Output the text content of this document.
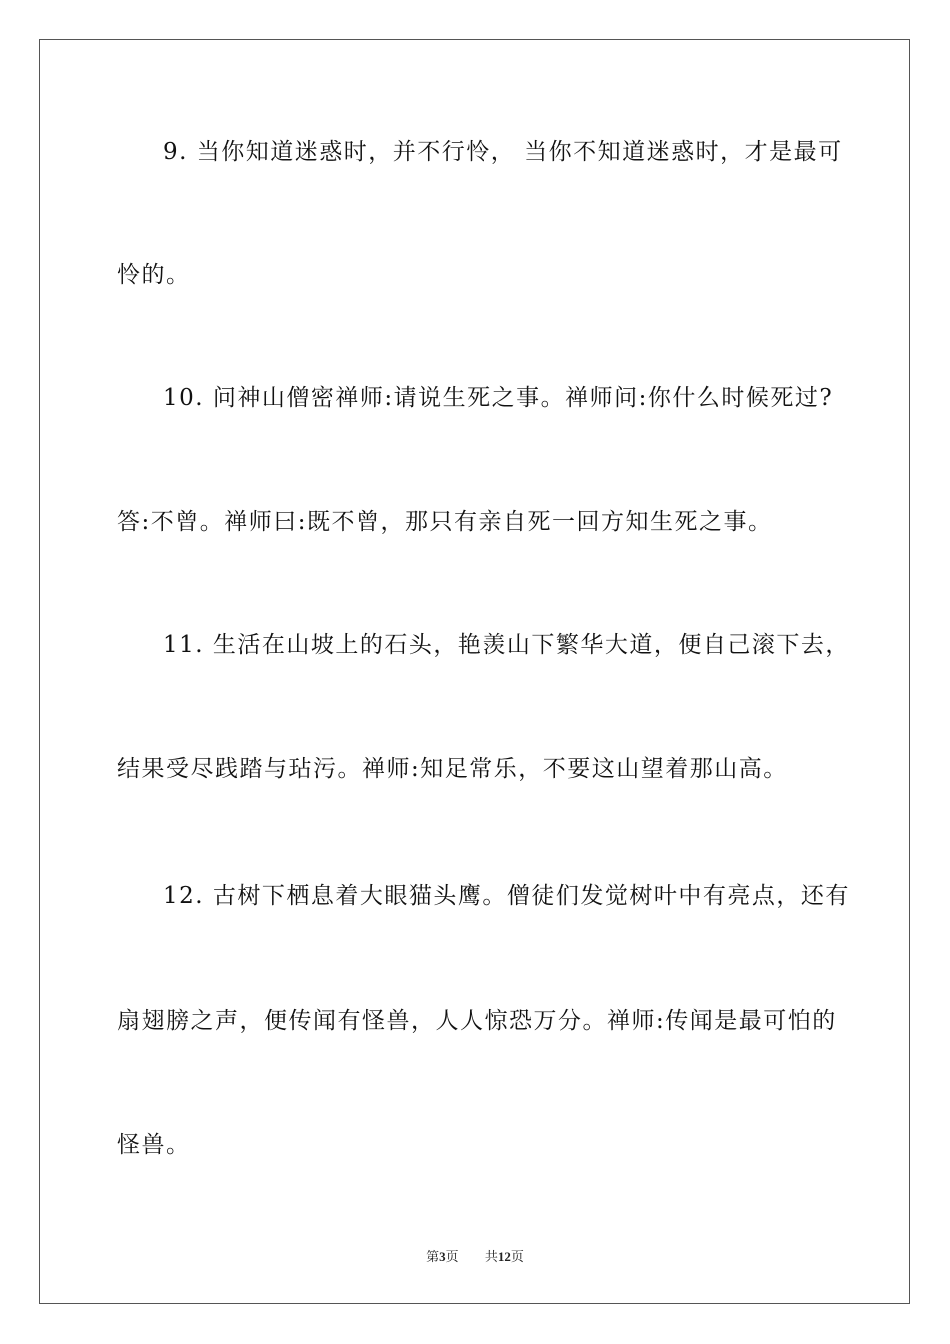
9. 当你知道迷惑时，并不行怜， 当你不知道迷惑时，才是最可
怜的。
10. 问神山僧密禅师:请说生死之事。禅师问:你什么时候死过?
答:不曾。禅师曰:既不曾，那只有亲自死一回方知生死之事。
11. 生活在山坡上的石头，艳羡山下繁华大道，便自己滚下去，
结果受尽践踏与玷污。禅师:知足常乐，不要这山望着那山高。
12. 古树下栖息着大眼猫头鹰。僧徒们发觉树叶中有亮点，还有
扇翅膀之声，便传闻有怪兽，人人惊恐万分。禅师:传闻是最可怕的
怪兽。
第3页 共12页
